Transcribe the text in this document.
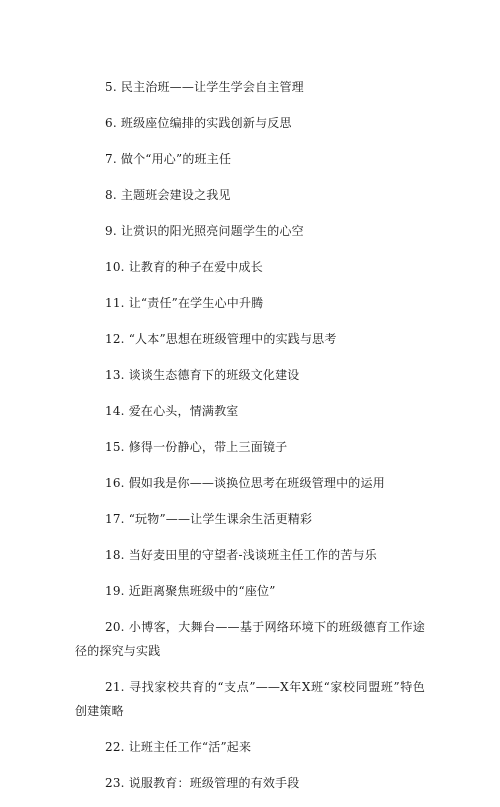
5. 民主治班——让学生学会自主管理

6. 班级座位编排的实践创新与反思

7. 做个“用心”的班主任

8. 主题班会建设之我见

9. 让赏识的阳光照亮问题学生的心空

10. 让教育的种子在爱中成长

11. 让“责任”在学生心中升腾

12. “人本”思想在班级管理中的实践与思考

13. 谈谈生态德育下的班级文化建设

14. 爱在心头，情满教室

15. 修得一份静心，带上三面镜子

16. 假如我是你——谈换位思考在班级管理中的运用

17. “玩物”——让学生课余生活更精彩

18. 当好麦田里的守望者-浅谈班主任工作的苦与乐

19. 近距离聚焦班级中的“座位”

20. 小博客，大舞台——基于网络环境下的班级德育工作途径的探究与实践

21. 寻找家校共育的“支点”——X年X班“家校同盟班”特色创建策略

22. 让班主任工作“活”起来

23. 说服教育：班级管理的有效手段
